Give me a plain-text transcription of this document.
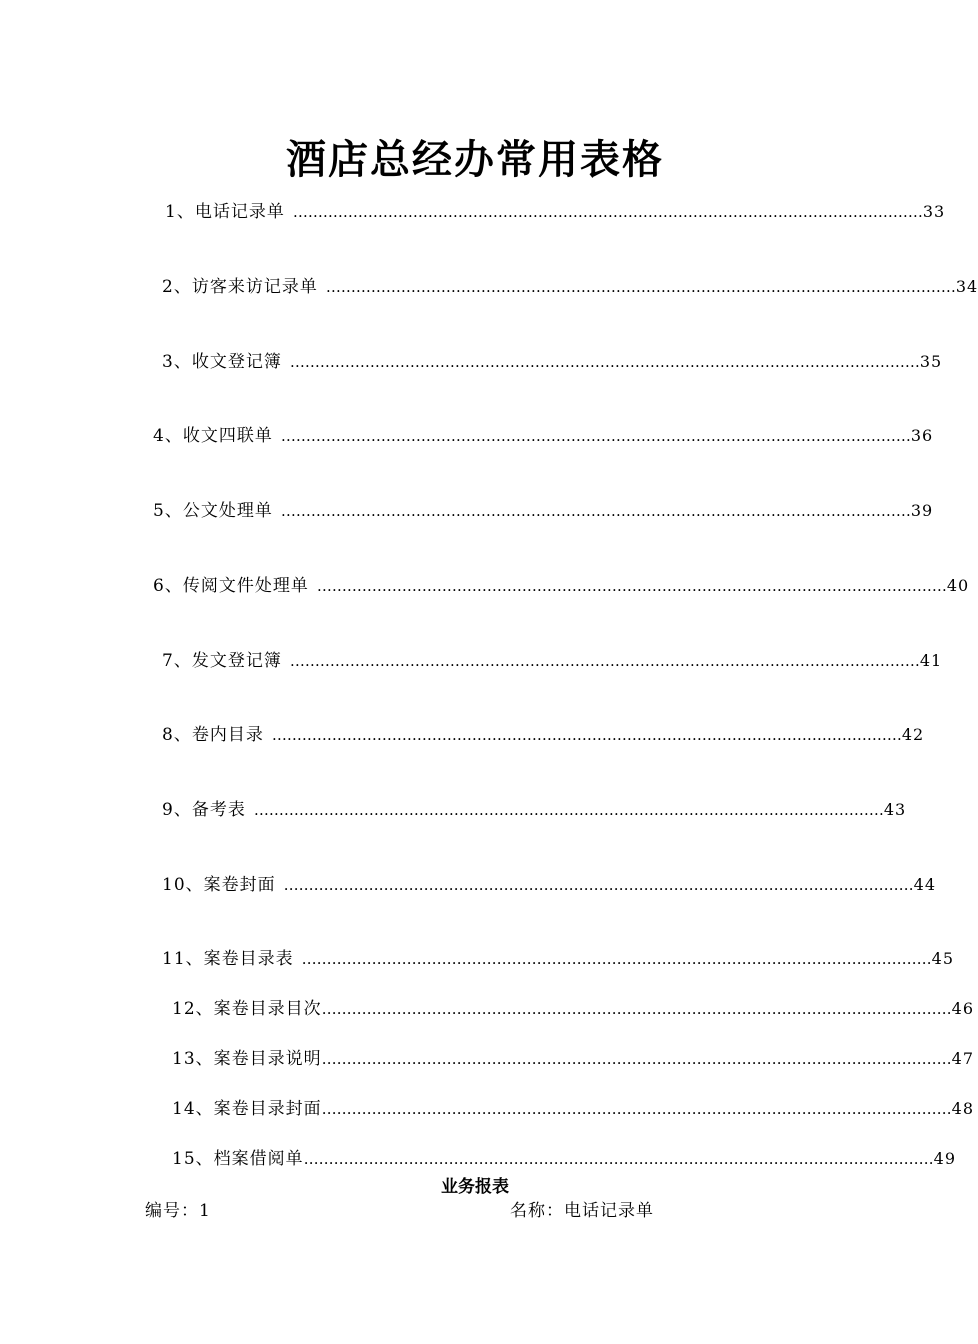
酒店总经办常用表格
1、电话记录单 ……………………………………………………………………………………………………………… 33
2、访客来访记录单 ……………………………………………………………………………………………………………… 34
3、收文登记簿 ……………………………………………………………………………………………………………… 35
4、收文四联单 ……………………………………………………………………………………………………………… 36
5、公文处理单 ……………………………………………………………………………………………………………… 39
6、传阅文件处理单 ……………………………………………………………………………………………………………… 40
7、发文登记簿 ……………………………………………………………………………………………………………… 41
8、卷内目录 ……………………………………………………………………………………………………………… 42
9、备考表 ……………………………………………………………………………………………………………… 43
10、案卷封面 ……………………………………………………………………………………………………………… 44
11、案卷目录表 ……………………………………………………………………………………………………………… 45
12、案卷目录目次 ……………………………………………………………………………………………………………… 46
13、案卷目录说明 ……………………………………………………………………………………………………………… 47
14、案卷目录封面 ……………………………………………………………………………………………………………… 48
15、档案借阅单 ……………………………………………………………………………………………………………… 49
业务报表
编号：1	名称：电话记录单
